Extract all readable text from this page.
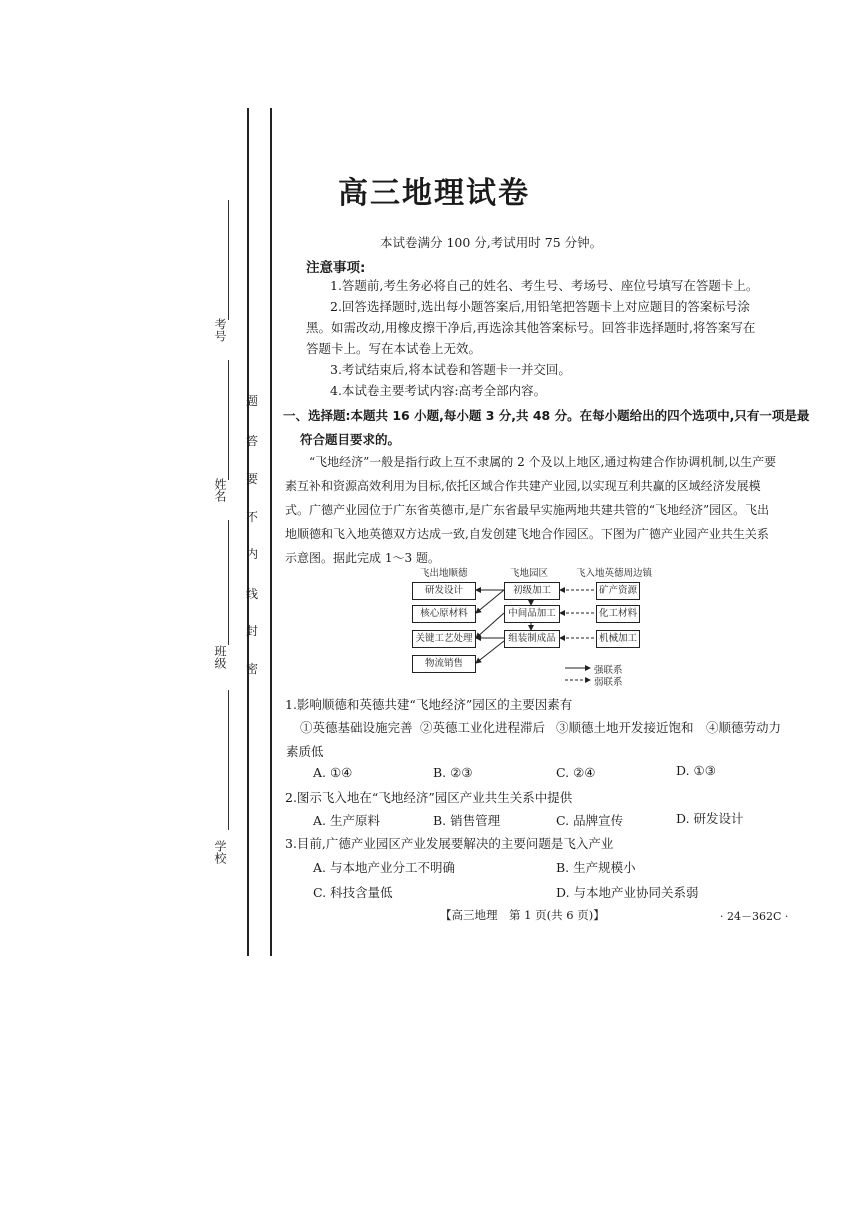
考号
姓名
班级
学校
题
答
要
不
内
线
封
密
高三地理试卷
本试卷满分 100 分,考试用时 75 分钟。
注意事项:
1.答题前,考生务必将自己的姓名、考生号、考场号、座位号填写在答题卡上。
2.回答选择题时,选出每小题答案后,用铅笔把答题卡上对应题目的答案标号涂
黑。如需改动,用橡皮擦干净后,再选涂其他答案标号。回答非选择题时,将答案写在
答题卡上。写在本试卷上无效。
3.考试结束后,将本试卷和答题卡一并交回。
4.本试卷主要考试内容:高考全部内容。
一、选择题:本题共 16 小题,每小题 3 分,共 48 分。在每小题给出的四个选项中,只有一项是最
符合题目要求的。
“飞地经济”一般是指行政上互不隶属的 2 个及以上地区,通过构建合作协调机制,以生产要素互补和资源高效利用为目标,依托区域合作共建产业园,以实现互利共赢的区域经济发展模式。广德产业园位于广东省英德市,是广东省最早实施两地共建共管的“飞地经济”园区。飞出地顺德和飞入地英德双方达成一致,自发创建飞地合作园区。下图为广德产业园产业共生关系示意图。据此完成 1～3 题。
飞出地顺德	飞地园区	飞入地英德周边镇
研发设计
核心原材料
关键工艺处理
物流销售
初级加工
中间品加工
组装制成品
矿产资源
化工材料
机械加工
强联系
弱联系
1.影响顺德和英德共建“飞地经济”园区的主要因素有
①英德基础设施完善 ②英德工业化进程滞后 ③顺德土地开发接近饱和 ④顺德劳动力
素质低
A. ①④	B. ②③	C. ②④	D. ①③
2.图示飞入地在“飞地经济”园区产业共生关系中提供
A. 生产原料	B. 销售管理	C. 品牌宣传	D. 研发设计
3.目前,广德产业园区产业发展要解决的主要问题是飞入产业
A. 与本地产业分工不明确	B. 生产规模小
C. 科技含量低	D. 与本地产业协同关系弱
【高三地理　第 1 页(共 6 页)】	· 24－362C ·
